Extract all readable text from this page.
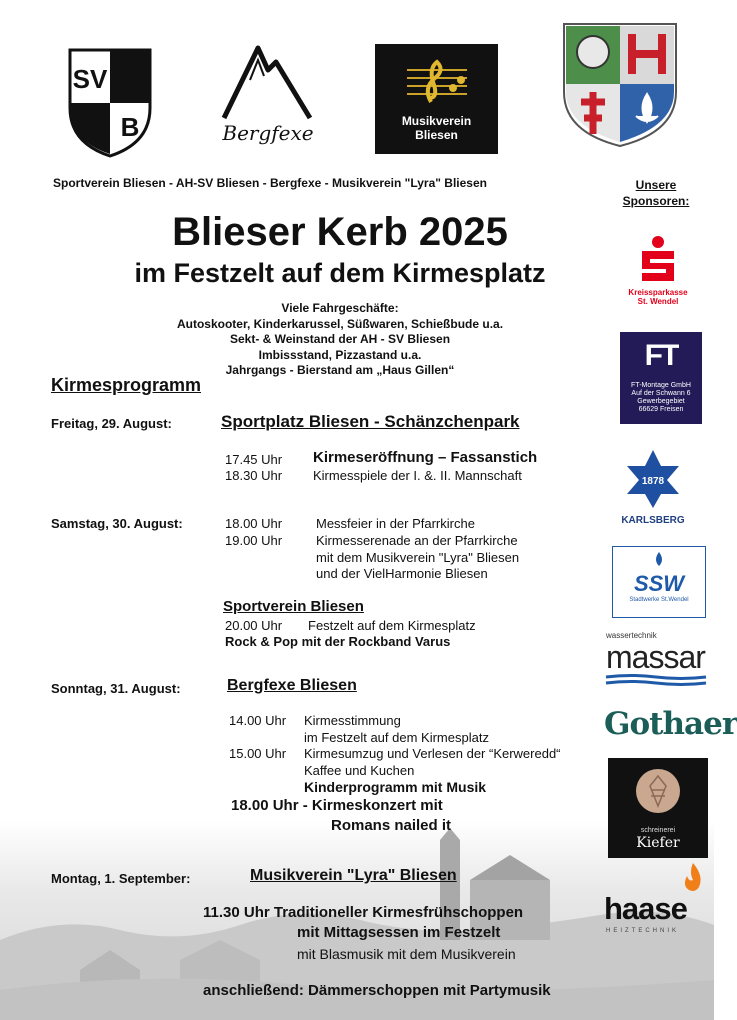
SV
B	Bergfexe	Musikverein
Bliesen
Sportverein Bliesen - AH-SV Bliesen - Bergfexe - Musikverein "Lyra" Bliesen
Blieser Kerb 2025
im Festzelt auf dem Kirmesplatz
Viele Fahrgeschäfte:
Autoskooter, Kinderkarussel, Süßwaren, Schießbude u.a.
Sekt- & Weinstand der AH - SV Bliesen
Imbissstand, Pizzastand u.a.
Jahrgangs - Bierstand am „Haus Gillen“
Kirmesprogramm
Freitag, 29. August:	Sportplatz Bliesen - Schänzchenpark
17.45 Uhr Kirmeseröffnung – Fassanstich
18.30 Uhr Kirmesspiele der I. &. II. Mannschaft
Samstag, 30. August:	18.00 Uhr	Messfeier in der Pfarrkirche
19.00 Uhr	Kirmesserenade an der Pfarrkirche
mit dem Musikverein "Lyra" Bliesen
und der VielHarmonie Bliesen
Sportverein Bliesen
20.00 Uhr Festzelt auf dem Kirmesplatz
Rock & Pop mit der Rockband Varus
Sonntag, 31. August:	Bergfexe Bliesen
14.00 Uhr Kirmesstimmung
im Festzelt auf dem Kirmesplatz
15.00 Uhr Kirmesumzug und Verlesen der “Kerweredd“
Kaffee und Kuchen
Kinderprogramm mit Musik
18.00 Uhr - Kirmeskonzert mit
Romans nailed it
Montag, 1. September:	Musikverein "Lyra" Bliesen
11.30 Uhr Traditioneller Kirmesfrühschoppen
mit Mittagsessen im Festzelt
mit Blasmusik mit dem Musikverein
anschließend: Dämmerschoppen mit Partymusik
Unsere
Sponsoren:
Kreissparkasse
St. Wendel
FT
FT-Montage GmbH
Auf der Schwann 6
Gewerbegebiet
66629 Freisen
1878
KARLSBERG
SSW
Stadtwerke St.Wendel
wassertechnik
massar
Gothaer
schreinerei
Kiefer
haase
HEIZTECHNIK
